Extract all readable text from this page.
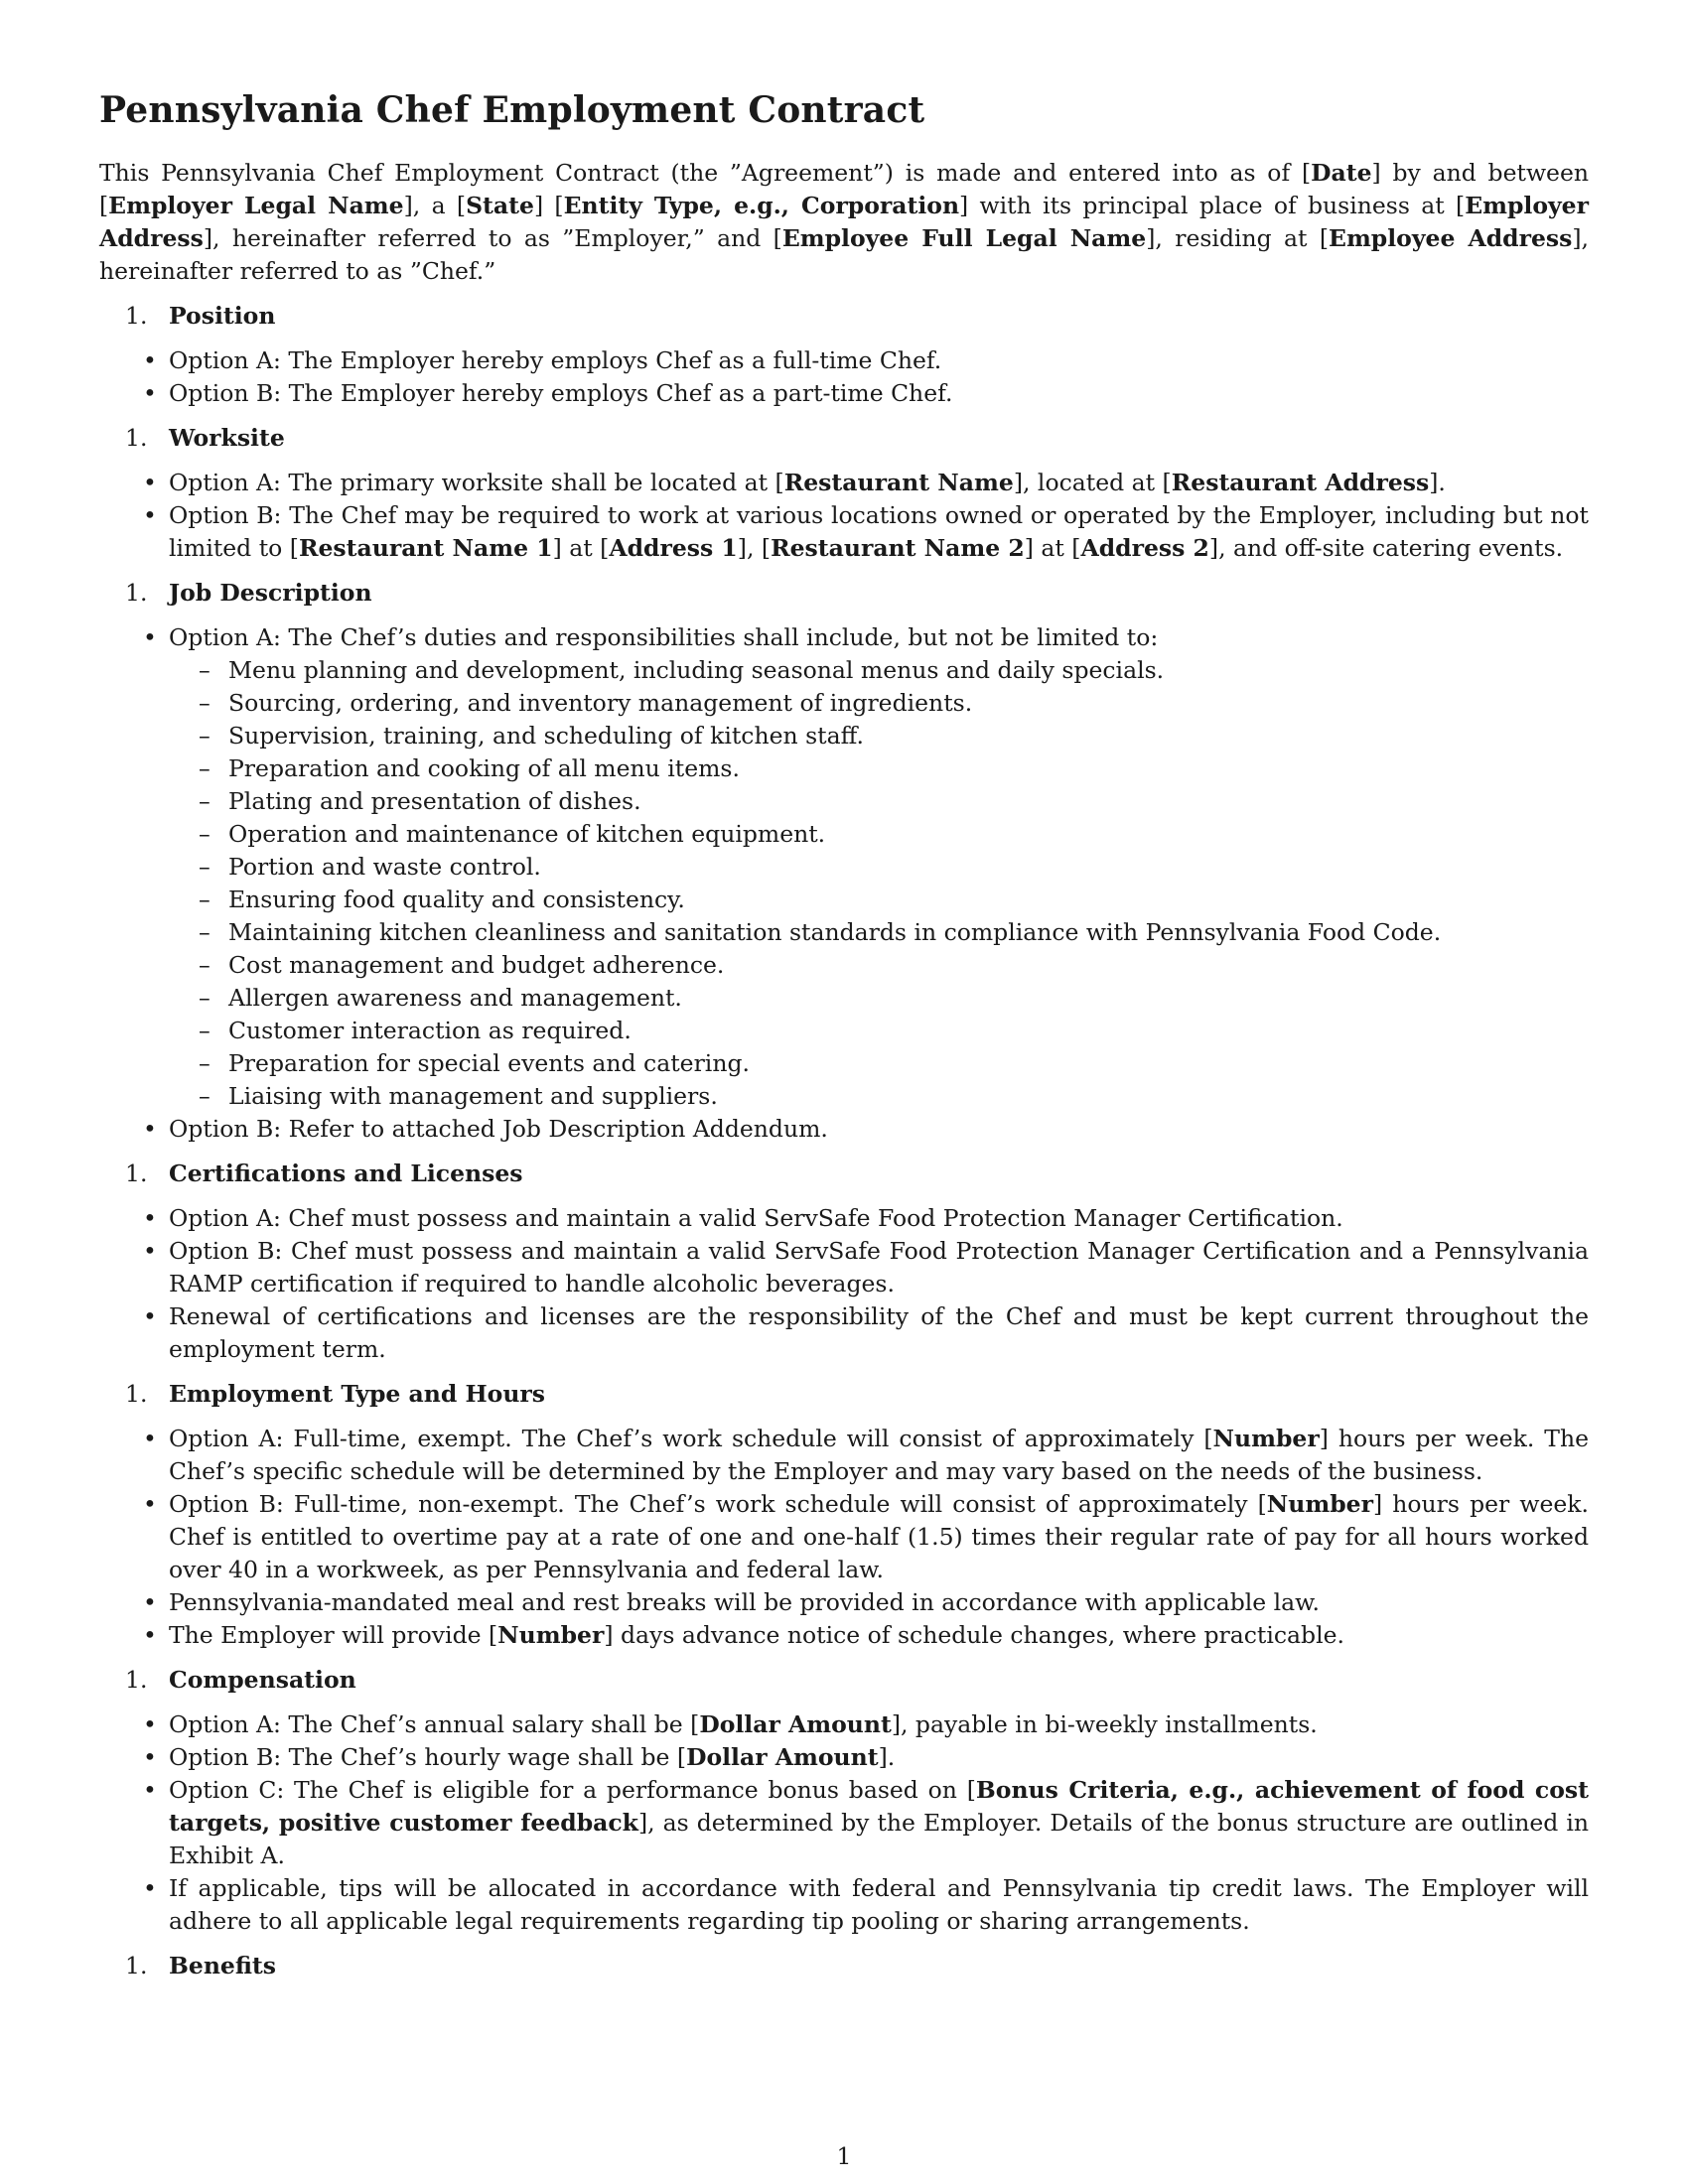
Pennsylvania Chef Employment Contract

This Pennsylvania Chef Employment Contract (the ”Agreement”) is made and entered into as of [Date] by and between [Employer Legal Name], a [State] [Entity Type, e.g., Corporation] with its principal place of business at [Employer Address], hereinafter referred to as ”Employer,” and [Employee Full Legal Name], residing at [Employee Address], hereinafter referred to as ”Chef.”

1. Position
• Option A: The Employer hereby employs Chef as a full-time Chef.
• Option B: The Employer hereby employs Chef as a part-time Chef.
1. Worksite
• Option A: The primary worksite shall be located at [Restaurant Name], located at [Restaurant Address].
• Option B: The Chef may be required to work at various locations owned or operated by the Employer, including but not limited to [Restaurant Name 1] at [Address 1], [Restaurant Name 2] at [Address 2], and off-site catering events.
1. Job Description
• Option A: The Chef’s duties and responsibilities shall include, but not be limited to:
– Menu planning and development, including seasonal menus and daily specials.
– Sourcing, ordering, and inventory management of ingredients.
– Supervision, training, and scheduling of kitchen staff.
– Preparation and cooking of all menu items.
– Plating and presentation of dishes.
– Operation and maintenance of kitchen equipment.
– Portion and waste control.
– Ensuring food quality and consistency.
– Maintaining kitchen cleanliness and sanitation standards in compliance with Pennsylvania Food Code.
– Cost management and budget adherence.
– Allergen awareness and management.
– Customer interaction as required.
– Preparation for special events and catering.
– Liaising with management and suppliers.
• Option B: Refer to attached Job Description Addendum.
1. Certifications and Licenses
• Option A: Chef must possess and maintain a valid ServSafe Food Protection Manager Certification.
• Option B: Chef must possess and maintain a valid ServSafe Food Protection Manager Certification and a Pennsylvania RAMP certification if required to handle alcoholic beverages.
• Renewal of certifications and licenses are the responsibility of the Chef and must be kept current throughout the employment term.
1. Employment Type and Hours
• Option A: Full-time, exempt. The Chef’s work schedule will consist of approximately [Number] hours per week. The Chef’s specific schedule will be determined by the Employer and may vary based on the needs of the business.
• Option B: Full-time, non-exempt. The Chef’s work schedule will consist of approximately [Number] hours per week. Chef is entitled to overtime pay at a rate of one and one-half (1.5) times their regular rate of pay for all hours worked over 40 in a workweek, as per Pennsylvania and federal law.
• Pennsylvania-mandated meal and rest breaks will be provided in accordance with applicable law.
• The Employer will provide [Number] days advance notice of schedule changes, where practicable.
1. Compensation
• Option A: The Chef’s annual salary shall be [Dollar Amount], payable in bi-weekly installments.
• Option B: The Chef’s hourly wage shall be [Dollar Amount].
• Option C: The Chef is eligible for a performance bonus based on [Bonus Criteria, e.g., achievement of food cost targets, positive customer feedback], as determined by the Employer. Details of the bonus structure are outlined in Exhibit A.
• If applicable, tips will be allocated in accordance with federal and Pennsylvania tip credit laws. The Employer will adhere to all applicable legal requirements regarding tip pooling or sharing arrangements.
1. Benefits
1
